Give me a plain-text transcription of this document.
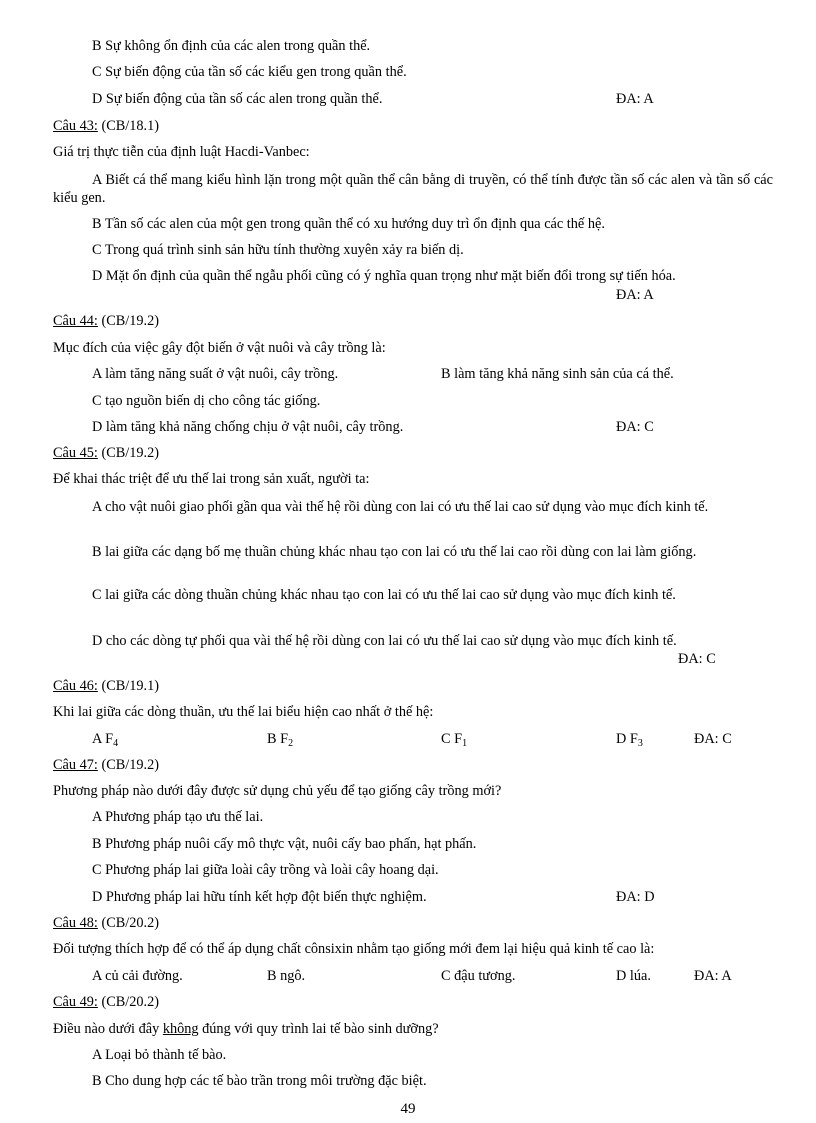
B Sự không ổn định của các alen trong quần thể.
C Sự biến động của tần số các kiểu gen trong quần thể.
D Sự biến động của tần số các alen trong quần thể.	ĐA: A
Câu 43: (CB/18.1)
Giá trị thực tiễn của định luật Hacdi-Vanbec:
A Biết cá thể mang kiểu hình lặn trong một quần thể cân bằng di truyền, có thể tính được tần số các alen và tần số các kiểu gen.
B Tần số các alen của một gen trong quần thể có xu hướng duy trì ổn định qua các thế hệ.
C Trong quá trình sinh sản hữu tính thường xuyên xảy ra biến dị.
D Mặt ổn định của quần thể ngẫu phối cũng có ý nghĩa quan trọng như mặt biến đổi trong sự tiến hóa.
ĐA: A
Câu 44: (CB/19.2)
Mục đích của việc gây đột biến ở vật nuôi và cây trồng là:
A làm tăng năng suất ở vật nuôi, cây trồng.	B làm tăng khả năng sinh sản của cá thể.
C tạo nguồn biến dị cho công tác giống.
D làm tăng khả năng chống chịu ở vật nuôi, cây trồng.	ĐA: C
Câu 45: (CB/19.2)
Để khai thác triệt để ưu thế lai trong sản xuất, người ta:
A cho vật nuôi giao phối gần qua vài thế hệ rồi dùng con lai có ưu thế lai cao sử dụng vào mục đích kinh tế.
B lai giữa các dạng bố mẹ thuần chủng khác nhau tạo con lai có ưu thế lai cao rồi dùng con lai làm giống.
C lai giữa các dòng thuần chủng khác nhau tạo con lai có ưu thế lai cao sử dụng vào mục đích kinh tế.
D cho các dòng tự phối qua vài thế hệ rồi dùng con lai có ưu thế lai cao sử dụng vào mục đích kinh tế.
ĐA: C
Câu 46: (CB/19.1)
Khi lai giữa các dòng thuần, ưu thế lai biểu hiện cao nhất ở thế hệ:
A $F_4$	B $F_2$	C $F_1$	D $F_3$	ĐA: C
Câu 47: (CB/19.2)
Phương pháp nào dưới đây được sử dụng chủ yếu để tạo giống cây trồng mới?
A Phương pháp tạo ưu thế lai.
B Phương pháp nuôi cấy mô thực vật, nuôi cấy bao phấn, hạt phấn.
C Phương pháp lai giữa loài cây trồng và loài cây hoang dại.
D Phương pháp lai hữu tính kết hợp đột biến thực nghiệm.	ĐA: D
Câu 48: (CB/20.2)
Đối tượng thích hợp để có thể áp dụng chất cônsixin nhằm tạo giống mới đem lại hiệu quả kinh tế cao là:
A củ cải đường.	B ngô.	C đậu tương.	D lúa.	ĐA: A
Câu 49: (CB/20.2)
Điều nào dưới đây không đúng với quy trình lai tế bào sinh dưỡng?
A Loại bỏ thành tế bào.
B Cho dung hợp các tế bào trần trong môi trường đặc biệt.
49
